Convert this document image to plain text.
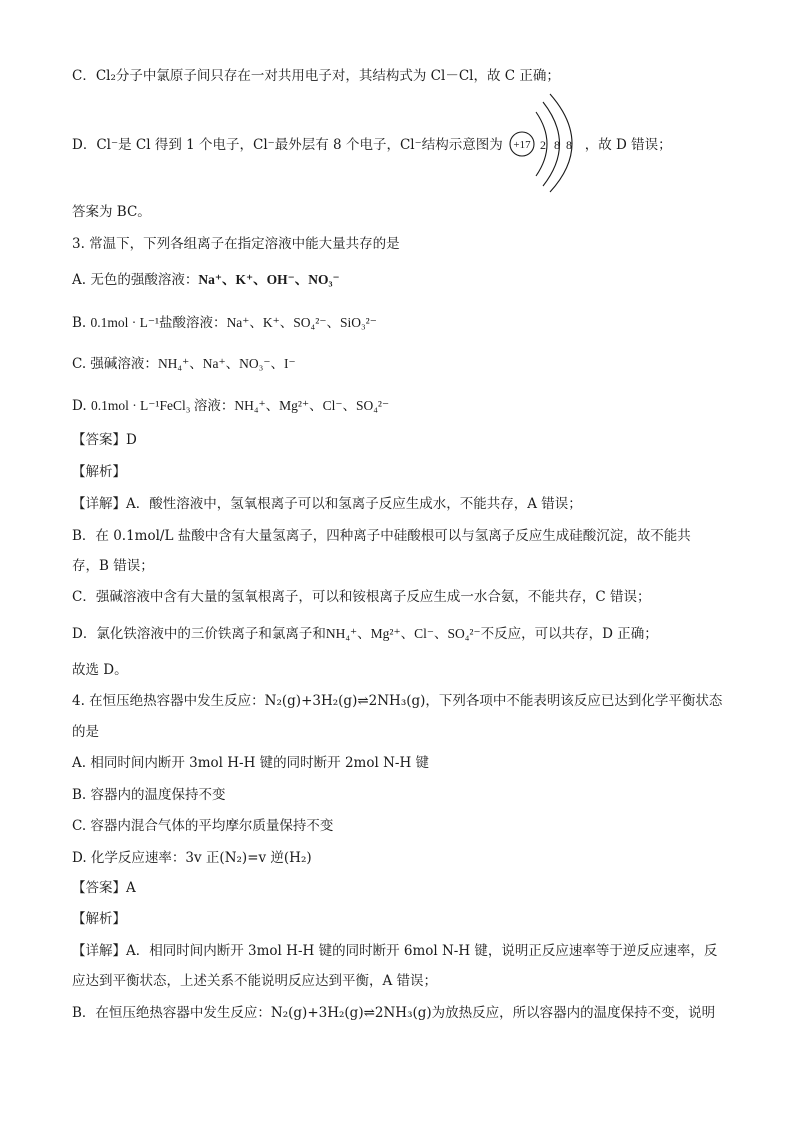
C．Cl₂分子中氯原子间只存在一对共用电子对，其结构式为 Cl－Cl，故 C 正确；
D．Cl⁻是 Cl 得到 1 个电子，Cl⁻最外层有 8 个电子，Cl⁻结构示意图为	，故 D 错误；
+17 2 8 8
答案为 BC。
3. 常温下，下列各组离子在指定溶液中能大量共存的是
A. 无色的强酸溶液：Na⁺、K⁺、OH⁻、NO₃⁻
B. 0.1mol · L⁻¹盐酸溶液：Na⁺、K⁺、SO₄²⁻、SiO₃²⁻
C. 强碱溶液：NH₄⁺、Na⁺、NO₃⁻、I⁻
D. 0.1mol · L⁻¹FeCl₃ 溶液：NH₄⁺、Mg²⁺、Cl⁻、SO₄²⁻
【答案】D
【解析】
【详解】A．酸性溶液中，氢氧根离子可以和氢离子反应生成水，不能共存，A 错误；
B．在 0.1mol/L 盐酸中含有大量氢离子，四种离子中硅酸根可以与氢离子反应生成硅酸沉淀，故不能共
存，B 错误；
C．强碱溶液中含有大量的氢氧根离子，可以和铵根离子反应生成一水合氨，不能共存，C 错误；
D．氯化铁溶液中的三价铁离子和氯离子和NH₄⁺、Mg²⁺、Cl⁻、SO₄²⁻不反应，可以共存，D 正确；
故选 D。
4. 在恒压绝热容器中发生反应：N₂(g)+3H₂(g)⇌2NH₃(g)，下列各项中不能表明该反应已达到化学平衡状态
的是
A. 相同时间内断开 3mol H-H 键的同时断开 2mol N-H 键
B. 容器内的温度保持不变
C. 容器内混合气体的平均摩尔质量保持不变
D. 化学反应速率：3v 正(N₂)=v 逆(H₂)
【答案】A
【解析】
【详解】A．相同时间内断开 3mol H-H 键的同时断开 6mol N-H 键，说明正反应速率等于逆反应速率，反
应达到平衡状态，上述关系不能说明反应达到平衡，A 错误；
B．在恒压绝热容器中发生反应：N₂(g)+3H₂(g)⇌2NH₃(g)为放热反应，所以容器内的温度保持不变，说明
